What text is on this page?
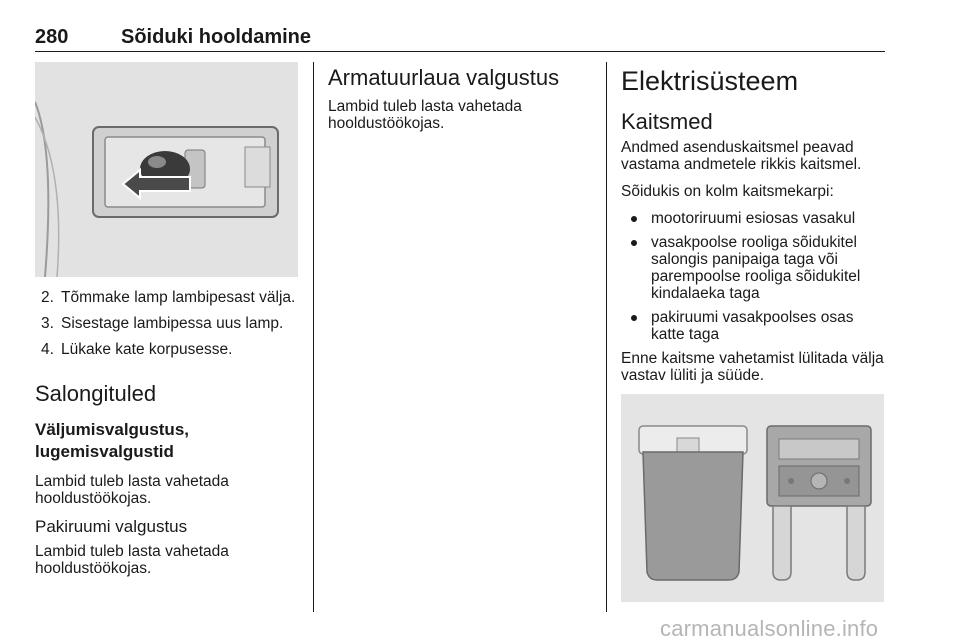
280	Sõiduki hooldamine
2. Tõmmake lamp lambipesast välja.
3. Sisestage lambipessa uus lamp.
4. Lükake kate korpusesse.
Salongituled
Väljumisvalgustus, lugemisvalgustid

Lambid tuleb lasta vahetada hooldustöökojas.

Pakiruumi valgustus

Lambid tuleb lasta vahetada hooldustöökojas.

Armatuurlaua valgustus

Lambid tuleb lasta vahetada hooldustöökojas.

Elektrisüsteem
Kaitsmed

Andmed asenduskaitsmel peavad vastama andmetele rikkis kaitsmel.

Sõidukis on kolm kaitsmekarpi:

mootoriruumi esiosas vasakul
vasakpoolse rooliga sõidukitel salongis panipaiga taga või parempoolse rooliga sõidukitel kindalaeka taga
pakiruumi vasakpoolses osas katte taga

Enne kaitsme vahetamist lülitada välja vastav lüliti ja süüde.

carmanualsonline.info
